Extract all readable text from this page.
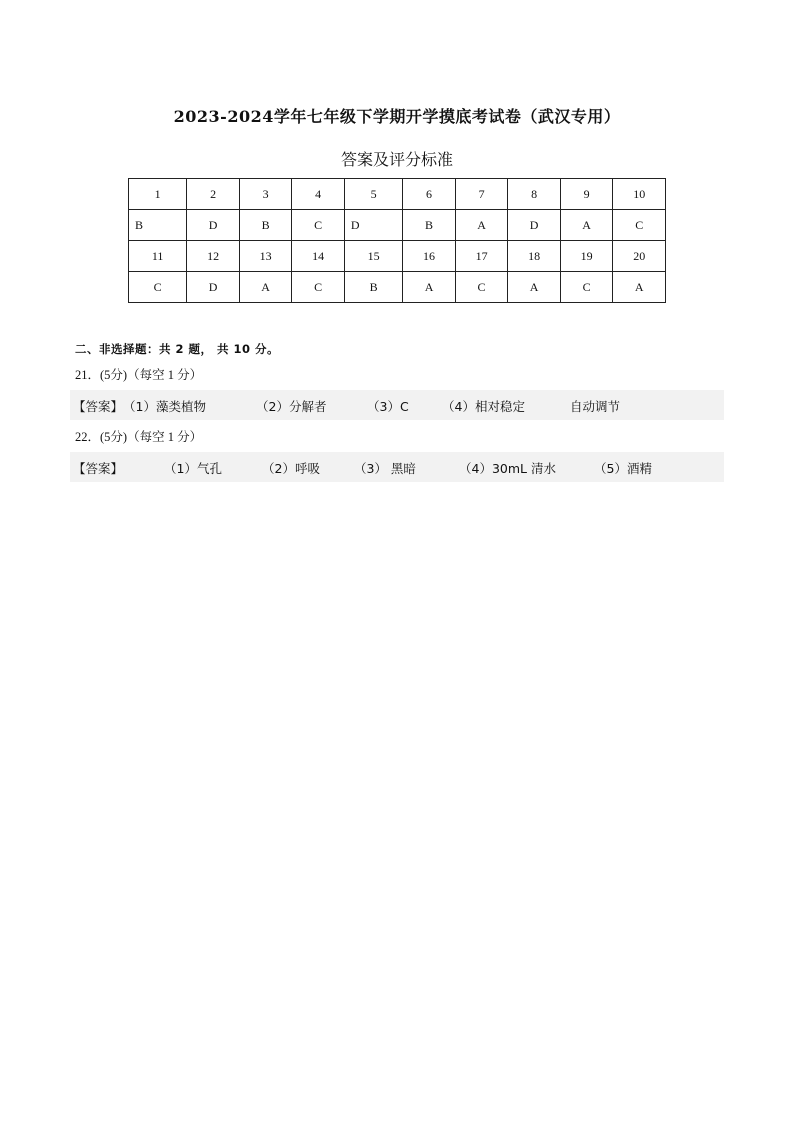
2023-2024学年七年级下学期开学摸底考试卷（武汉专用）
答案及评分标准
1	2	3	4	5	6	7	8	9	10
B	D	B	C	D	B	A	D	A	C
11	12	13	14	15	16	17	18	19	20
C	D	A	C	B	A	C	A	C	A
二、非选择题：共 2 题， 共 10 分。
21．(5分)（每空 1 分）
【答案】 （1）藻类植物	（2）分解者	（3）C	（4）相对稳定	自动调节
22．(5分)（每空 1 分）
【答案】	（1）气孔	（2）呼吸	（3） 黑暗	（4）30mL 清水	（5）酒精
